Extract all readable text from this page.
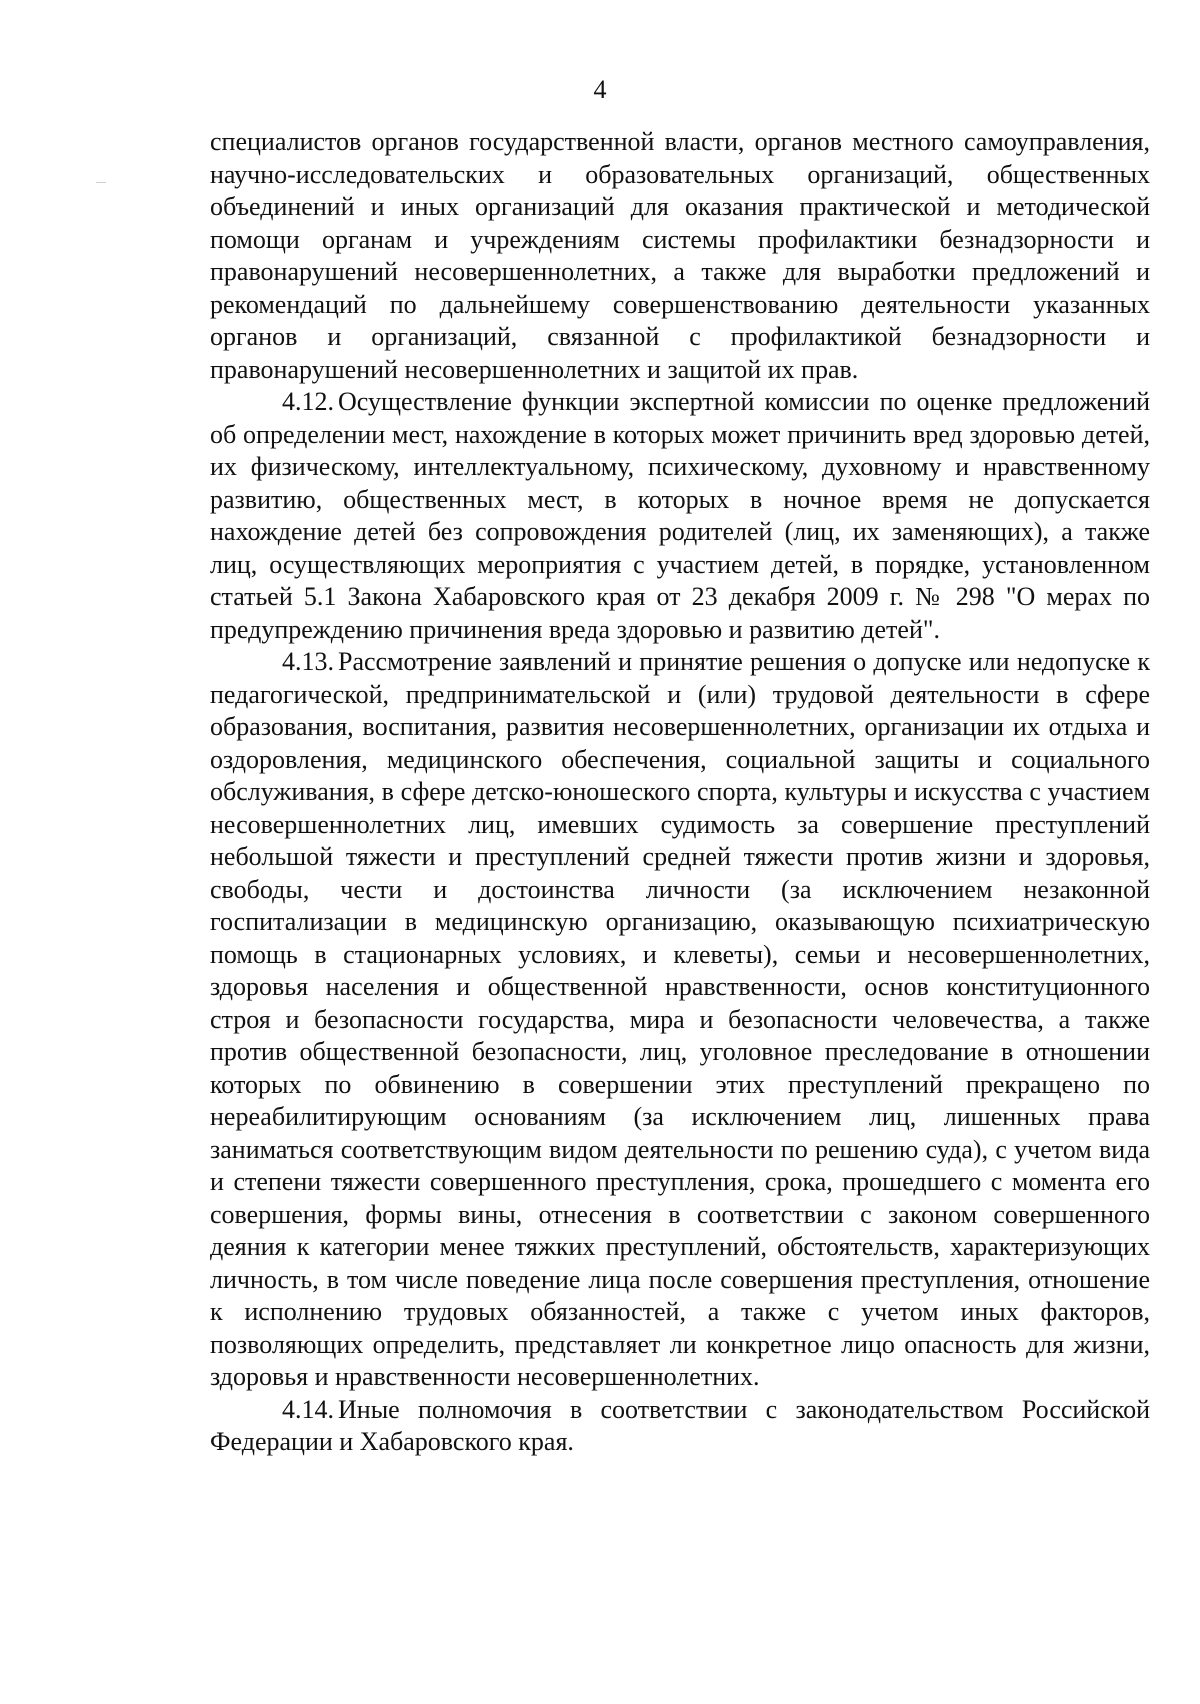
4

специалистов органов государственной власти, органов местного самоуправления, научно-исследовательских и образовательных организаций, общественных объединений и иных организаций для оказания практической и методической помощи органам и учреждениям системы профилактики безнадзорности и правонарушений несовершеннолетних, а также для выработки предложений и рекомендаций по дальнейшему совершенствованию деятельности указанных органов и организаций, связанной с профилактикой безнадзорности и правонарушений несовершеннолетних и защитой их прав.

4.12. Осуществление функции экспертной комиссии по оценке предложений об определении мест, нахождение в которых может причинить вред здоровью детей, их физическому, интеллектуальному, психическому, духовному и нравственному развитию, общественных мест, в которых в ночное время не допускается нахождение детей без сопровождения родителей (лиц, их заменяющих), а также лиц, осуществляющих мероприятия с участием детей, в порядке, установленном статьей 5.1 Закона Хабаровского края от 23 декабря 2009 г. № 298 "О мерах по предупреждению причинения вреда здоровью и развитию детей".

4.13. Рассмотрение заявлений и принятие решения о допуске или недопуске к педагогической, предпринимательской и (или) трудовой деятельности в сфере образования, воспитания, развития несовершеннолетних, организации их отдыха и оздоровления, медицинского обеспечения, социальной защиты и социального обслуживания, в сфере детско-юношеского спорта, культуры и искусства с участием несовершеннолетних лиц, имевших судимость за совершение преступлений небольшой тяжести и преступлений средней тяжести против жизни и здоровья, свободы, чести и достоинства личности (за исключением незаконной госпитализации в медицинскую организацию, оказывающую психиатрическую помощь в стационарных условиях, и клеветы), семьи и несовершеннолетних, здоровья населения и общественной нравственности, основ конституционного строя и безопасности государства, мира и безопасности человечества, а также против общественной безопасности, лиц, уголовное преследование в отношении которых по обвинению в совершении этих преступлений прекращено по нереабилитирующим основаниям (за исключением лиц, лишенных права заниматься соответствующим видом деятельности по решению суда), с учетом вида и степени тяжести совершенного преступления, срока, прошедшего с момента его совершения, формы вины, отнесения в соответствии с законом совершенного деяния к категории менее тяжких преступлений, обстоятельств, характеризующих личность, в том числе поведение лица после совершения преступления, отношение к исполнению трудовых обязанностей, а также с учетом иных факторов, позволяющих определить, представляет ли конкретное лицо опасность для жизни, здоровья и нравственности несовершеннолетних.

4.14. Иные полномочия в соответствии с законодательством Российской Федерации и Хабаровского края.
